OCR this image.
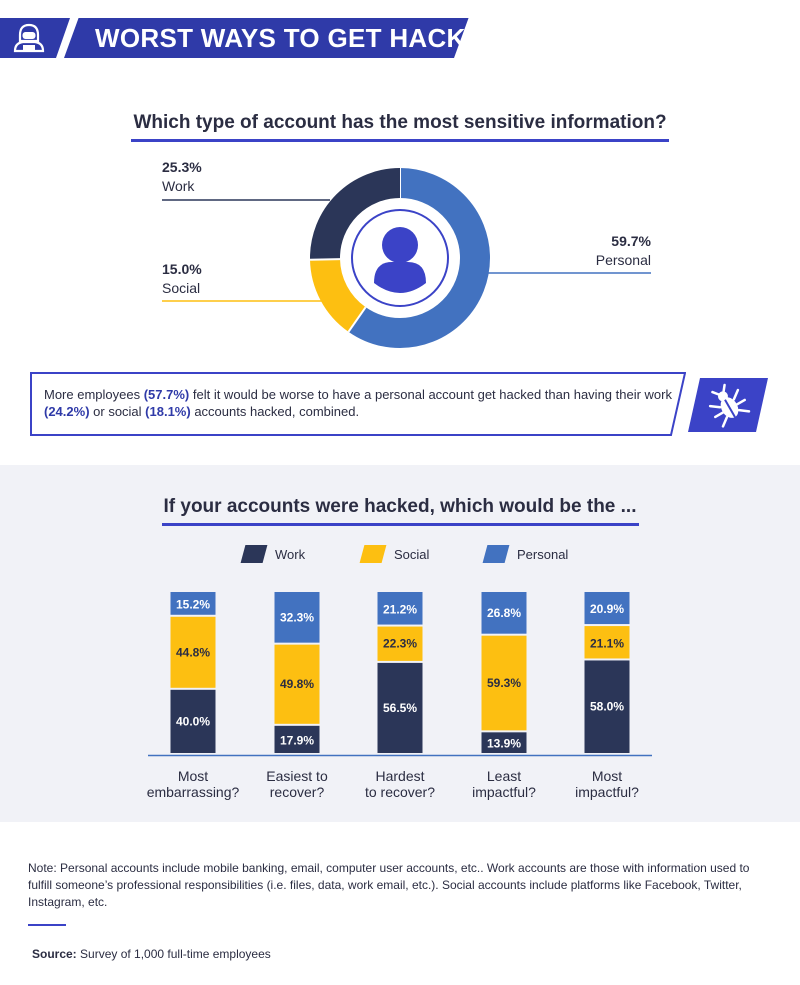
WORST WAYS TO GET HACKED
Which type of account has the most sensitive information?
25.3%
Work
15.0%
Social
59.7%
Personal
More employees (57.7%) felt it would be worse to have a personal account get hacked than having their work (24.2%) or social (18.1%) accounts hacked, combined.
If your accounts were hacked, which would be the ...
Work	Social	Personal
40.0%
44.8%
15.2%
17.9%
49.8%
32.3%
56.5%
22.3%
21.2%
13.9%
59.3%
26.8%
58.0%
21.1%
20.9%
Most
embarrassing?
Easiest to
recover?
Hardest
to recover?
Least
impactful?
Most
impactful?
Note: Personal accounts include mobile banking, email, computer user accounts, etc.. Work accounts are those with information used to fulfill someone’s professional responsibilities (i.e. files, data, work email, etc.). Social accounts include platforms like Facebook, Twitter, Instagram, etc.
Source: Survey of 1,000 full-time employees
